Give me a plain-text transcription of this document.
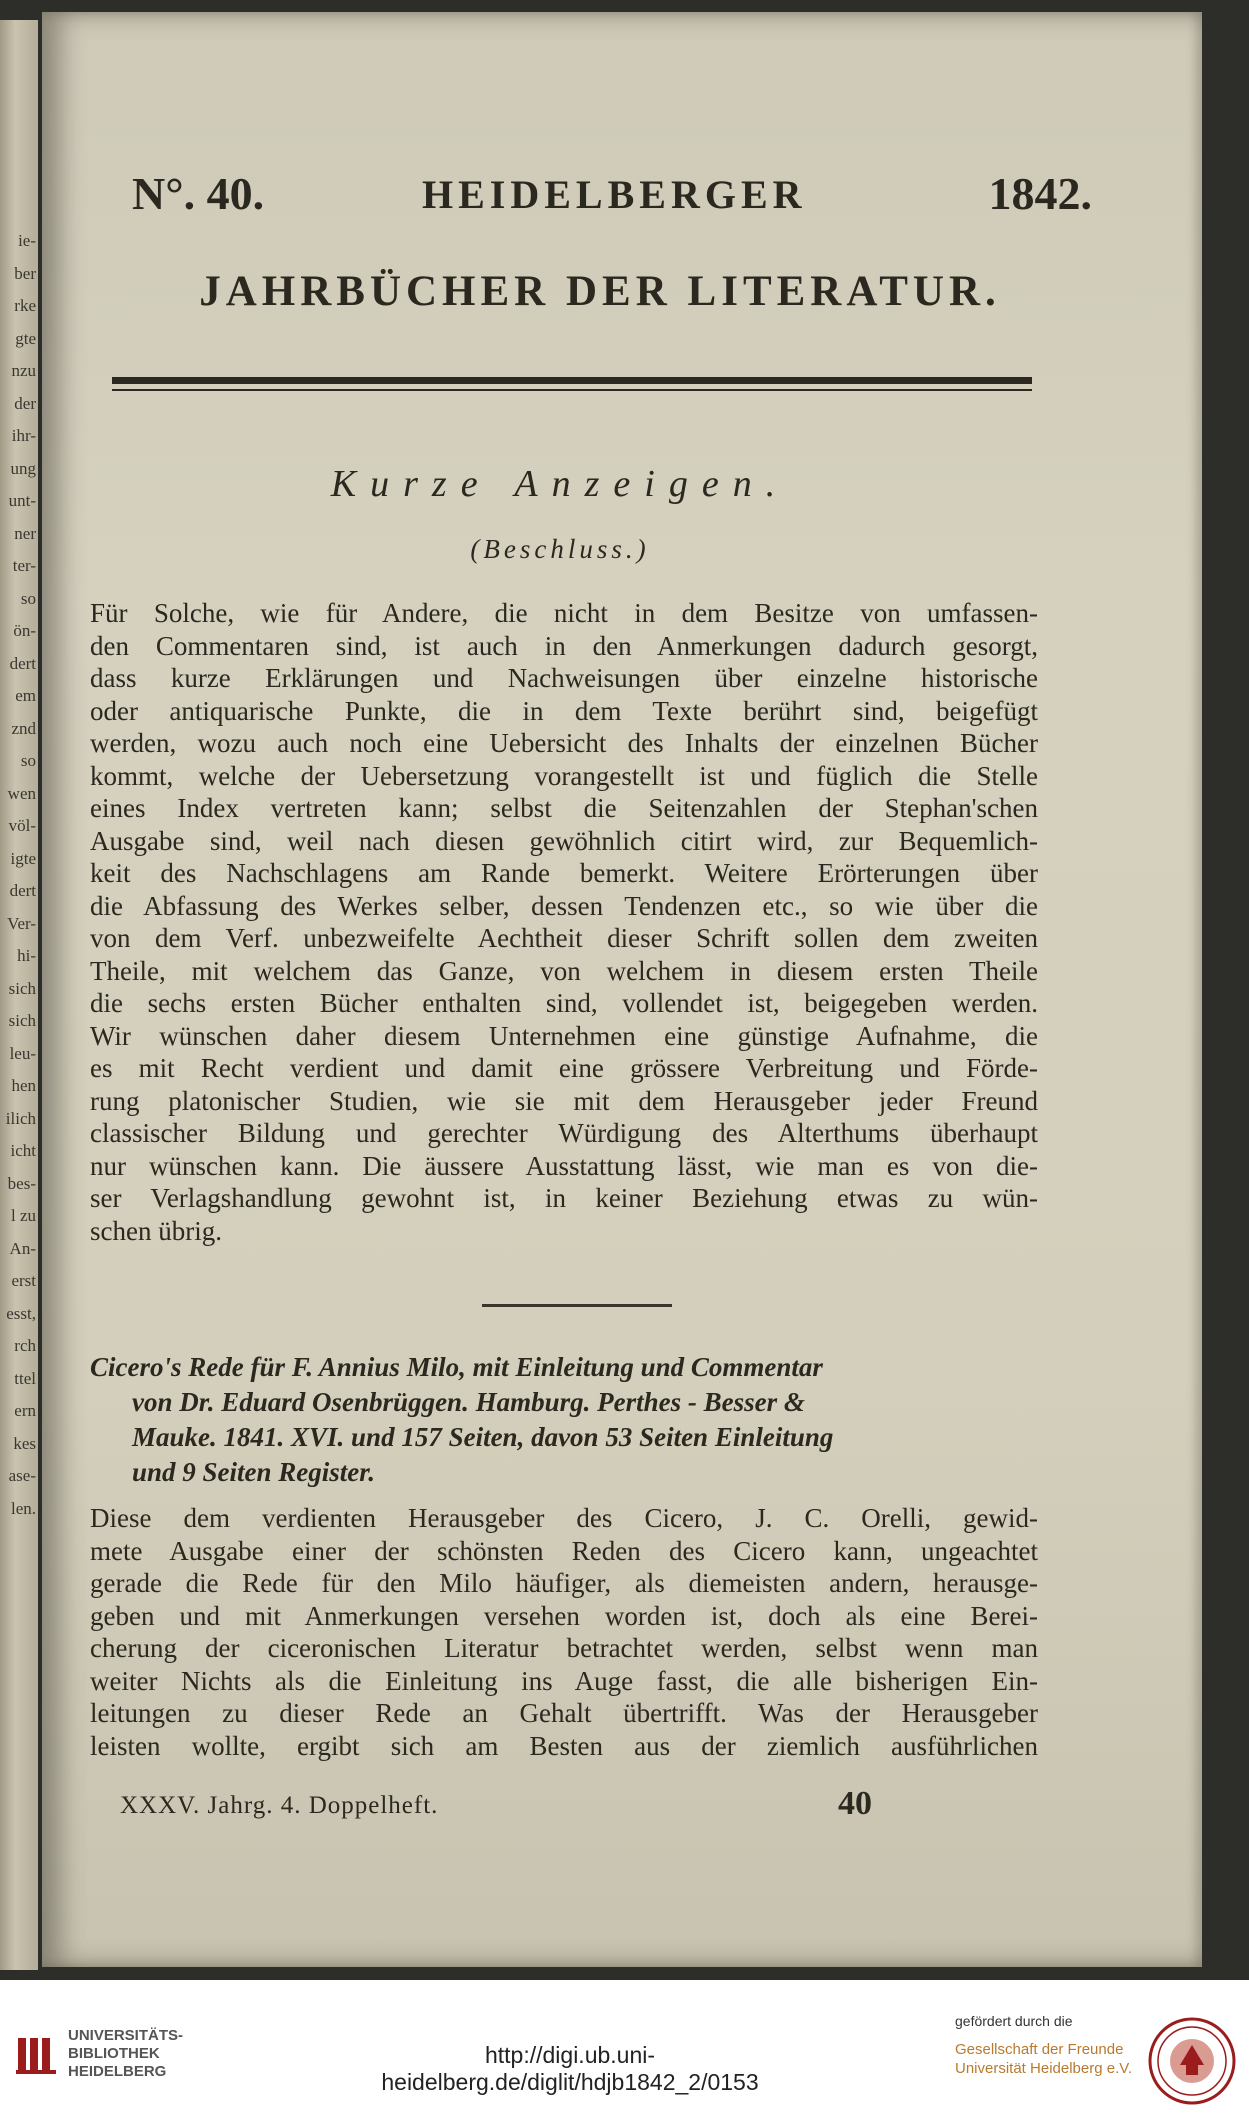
ie-
ber
rke
gte
nzu
der
ihr-
ung
unt-
ner
ter-
so
ön-
dert
em
znd
so
wen
völ-
igte
dert
Ver-
hi-
sich
sich
leu-
hen
ilich
icht
bes-
l zu
An-
erst
esst,
rch
ttel
ern
kes
ase-
len.
N°. 40.	HEIDELBERGER	1842.
JAHRBÜCHER DER LITERATUR.
Kurze Anzeigen.
(Beschluss.)
Für Solche, wie für Andere, die nicht in dem Besitze von umfassen-
den Commentaren sind, ist auch in den Anmerkungen dadurch gesorgt,
dass kurze Erklärungen und Nachweisungen über einzelne historische
oder antiquarische Punkte, die in dem Texte berührt sind, beigefügt
werden, wozu auch noch eine Uebersicht des Inhalts der einzelnen Bücher
kommt, welche der Uebersetzung vorangestellt ist und füglich die Stelle
eines Index vertreten kann; selbst die Seitenzahlen der Stephan'schen
Ausgabe sind, weil nach diesen gewöhnlich citirt wird, zur Bequemlich-
keit des Nachschlagens am Rande bemerkt. Weitere Erörterungen über
die Abfassung des Werkes selber, dessen Tendenzen etc., so wie über die
von dem Verf. unbezweifelte Aechtheit dieser Schrift sollen dem zweiten
Theile, mit welchem das Ganze, von welchem in diesem ersten Theile
die sechs ersten Bücher enthalten sind, vollendet ist, beigegeben werden.
Wir wünschen daher diesem Unternehmen eine günstige Aufnahme, die
es mit Recht verdient und damit eine grössere Verbreitung und Förde-
rung platonischer Studien, wie sie mit dem Herausgeber jeder Freund
classischer Bildung und gerechter Würdigung des Alterthums überhaupt
nur wünschen kann. Die äussere Ausstattung lässt, wie man es von die-
ser Verlagshandlung gewohnt ist, in keiner Beziehung etwas zu wün-
schen übrig.
Cicero's Rede für F. Annius Milo, mit Einleitung und Commentar
von Dr. Eduard Osenbrüggen. Hamburg. Perthes - Besser &
Mauke. 1841. XVI. und 157 Seiten, davon 53 Seiten Einleitung
und 9 Seiten Register.
Diese dem verdienten Herausgeber des Cicero, J. C. Orelli, gewid-
mete Ausgabe einer der schönsten Reden des Cicero kann, ungeachtet
gerade die Rede für den Milo häufiger, als diemeisten andern, herausge-
geben und mit Anmerkungen versehen worden ist, doch als eine Berei-
cherung der ciceronischen Literatur betrachtet werden, selbst wenn man
weiter Nichts als die Einleitung ins Auge fasst, die alle bisherigen Ein-
leitungen zu dieser Rede an Gehalt übertrifft. Was der Herausgeber
leisten wollte, ergibt sich am Besten aus der ziemlich ausführlichen
XXXV. Jahrg. 4. Doppelheft.	40
UNIVERSITÄTS-
BIBLIOTHEK
HEIDELBERG
http://digi.ub.uni-heidelberg.de/diglit/hdjb1842_2/0153
gefördert durch die
Gesellschaft der Freunde
Universität Heidelberg e.V.
